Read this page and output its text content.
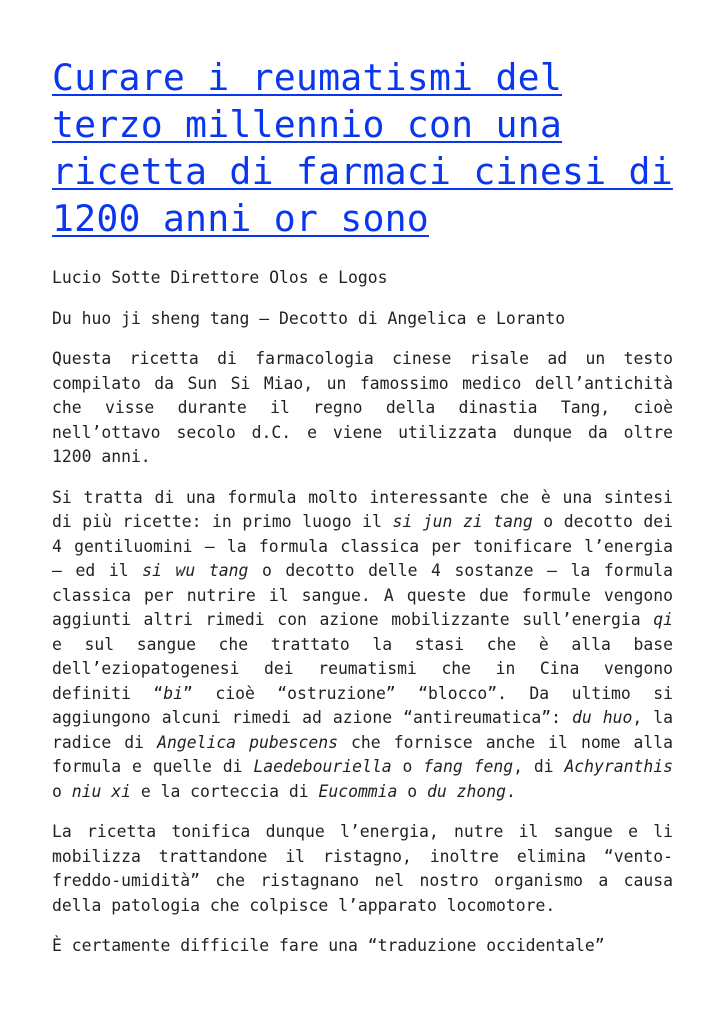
Curare i reumatismi del terzo millennio con una ricetta di farmaci cinesi di 1200 anni or sono

Lucio Sotte Direttore Olos e Logos

Du huo ji sheng tang – Decotto di Angelica e Loranto

Questa ricetta di farmacologia cinese risale ad un testo compilato da Sun Si Miao, un famossimo medico dell’antichità che visse durante il regno della dinastia Tang, cioè nell’ottavo secolo d.C. e viene utilizzata dunque da oltre 1200 anni.

Si tratta di una formula molto interessante che è una sintesi di più ricette: in primo luogo il si jun zi tang o decotto dei 4 gentiluomini – la formula classica per tonificare l’energia – ed il si wu tang o decotto delle 4 sostanze – la formula classica per nutrire il sangue. A queste due formule vengono aggiunti altri rimedi con azione mobilizzante sull’energia qi e sul sangue che trattato la stasi che è alla base dell’eziopatogenesi dei reumatismi che in Cina vengono definiti “bi” cioè “ostruzione” “blocco”. Da ultimo si aggiungono alcuni rimedi ad azione “antireumatica”: du huo, la radice di Angelica pubescens che fornisce anche il nome alla formula e quelle di Laedebouriella o fang feng, di Achyranthis o niu xi e la corteccia di Eucommia o du zhong.

La ricetta tonifica dunque l’energia, nutre il sangue e li mobilizza trattandone il ristagno, inoltre elimina “vento-freddo-umidità” che ristagnano nel nostro organismo a causa della patologia che colpisce l’apparato locomotore.

È certamente difficile fare una “traduzione occidentale”
